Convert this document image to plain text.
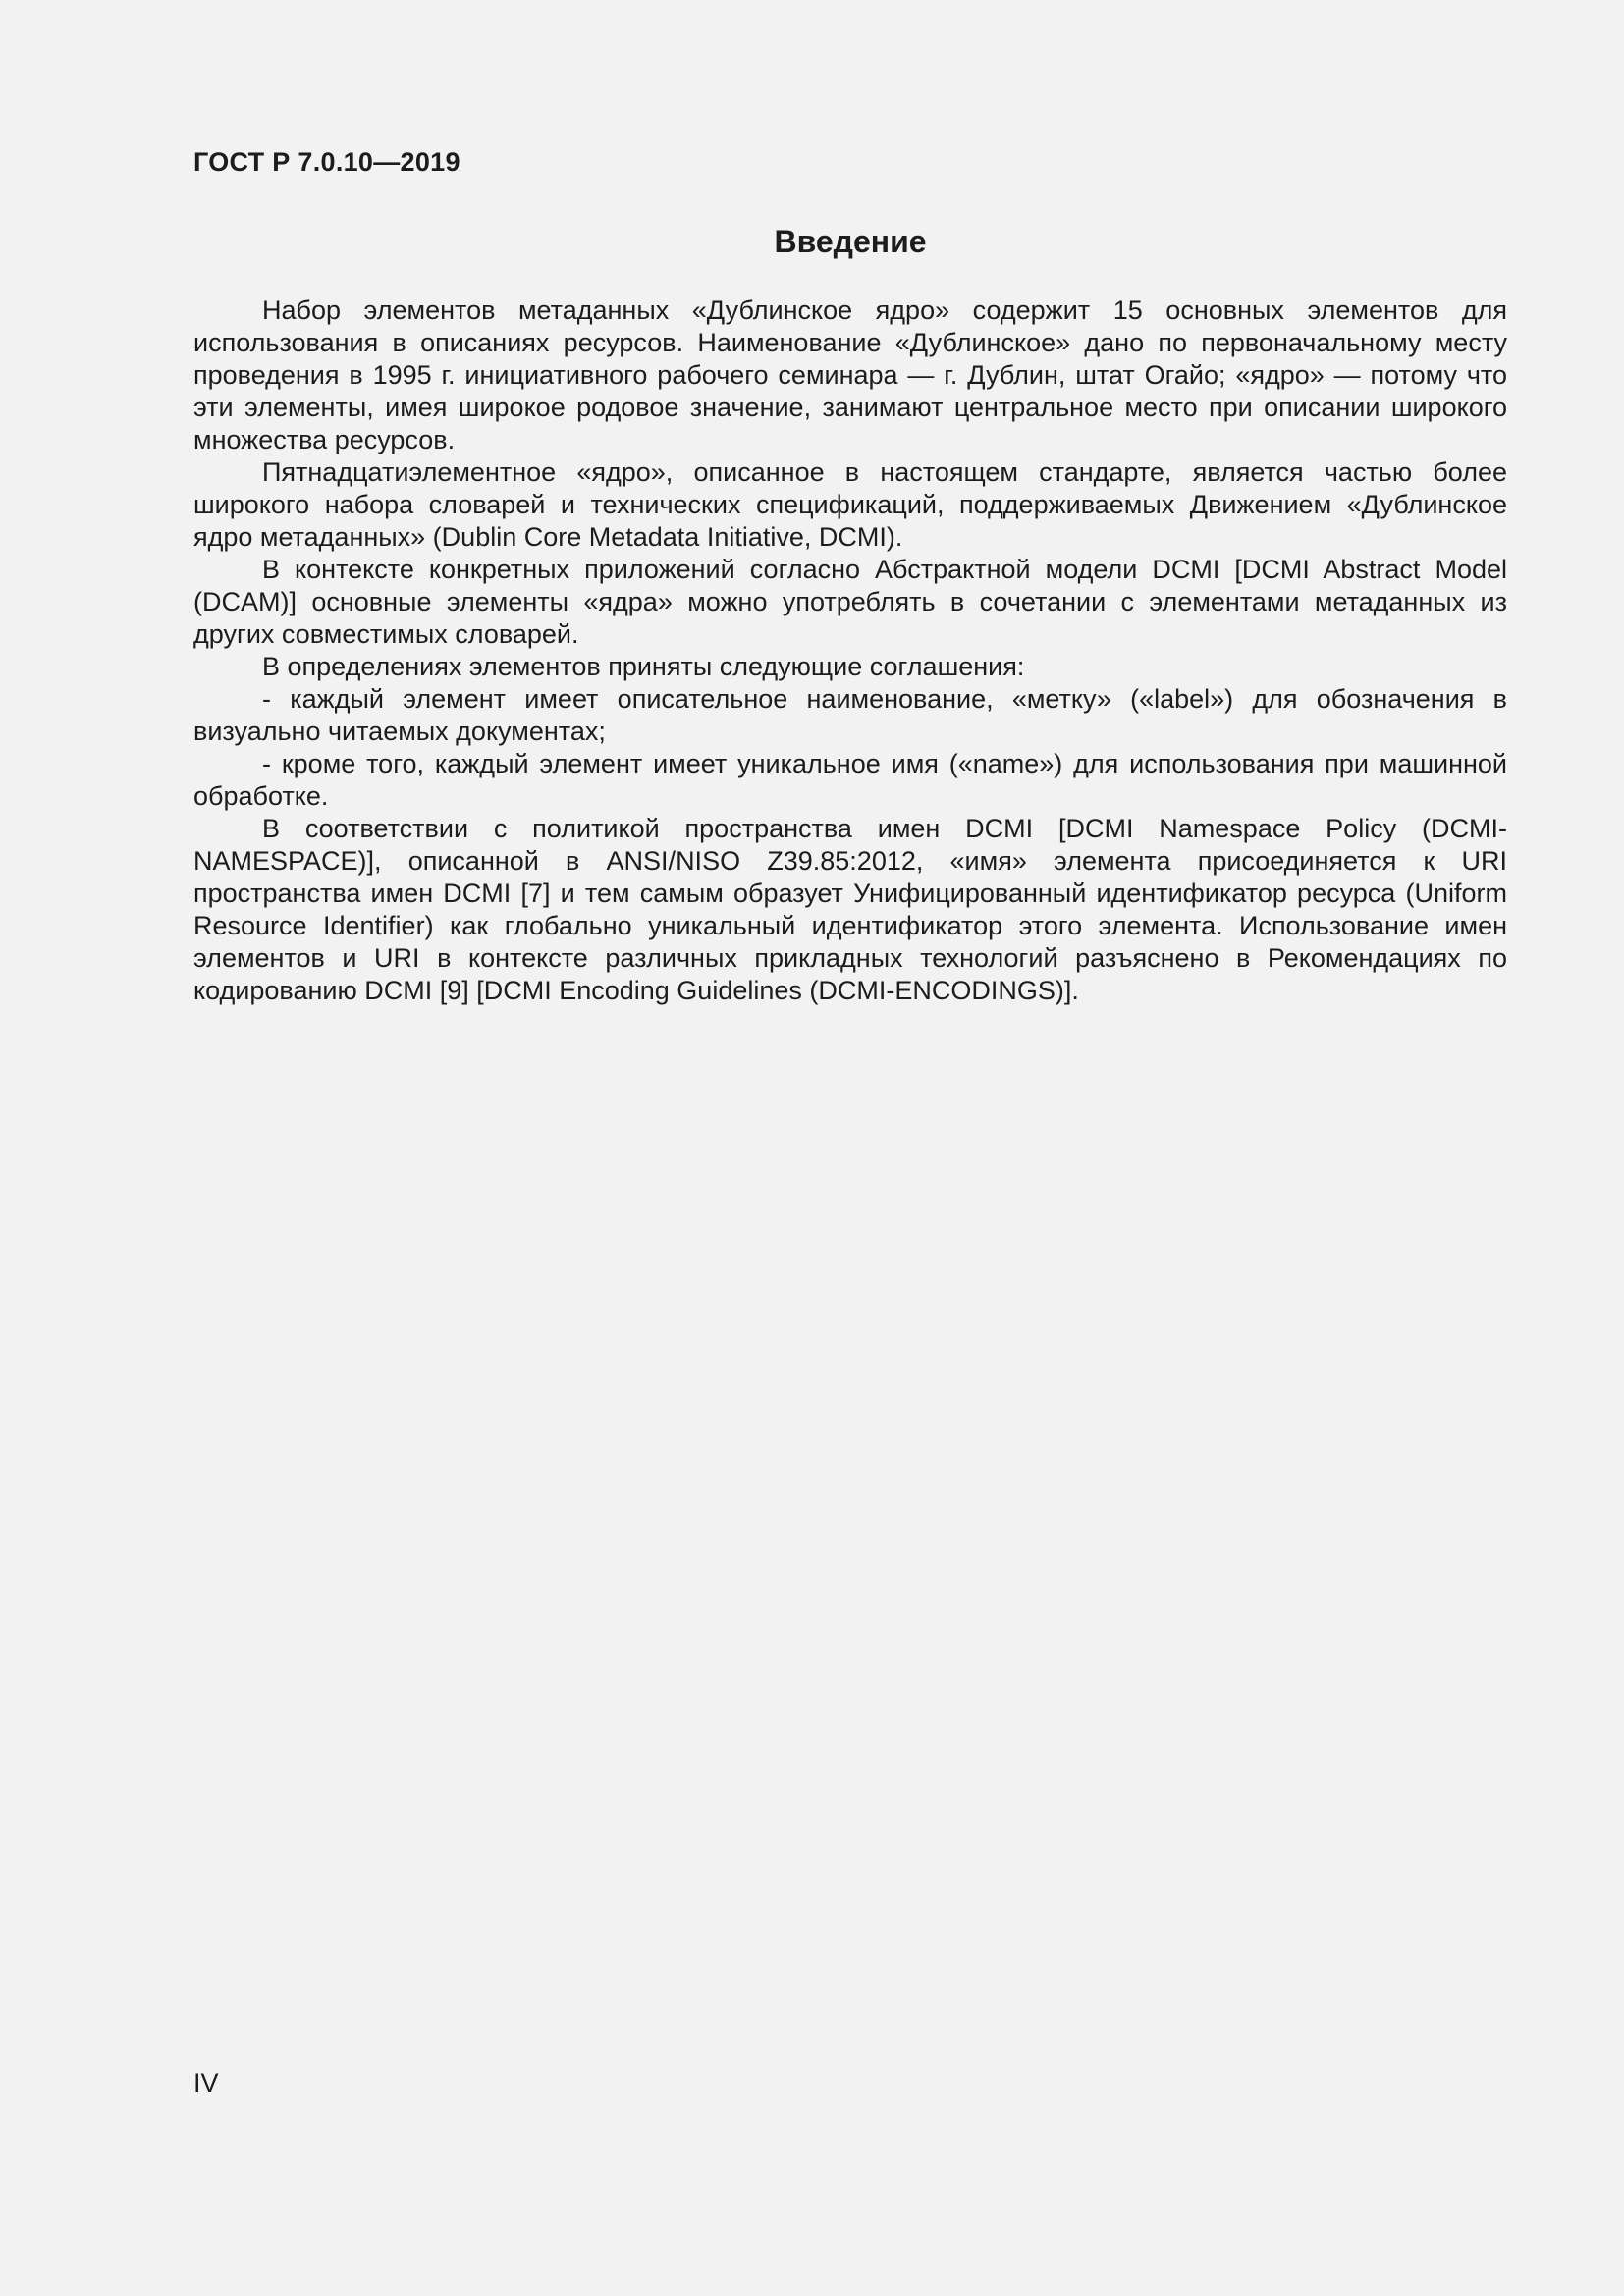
ГОСТ Р 7.0.10—2019
Введение

Набор элементов метаданных «Дублинское ядро» содержит 15 основных элементов для использования в описаниях ресурсов. Наименование «Дублинское» дано по первоначальному месту проведения в 1995 г. инициативного рабочего семинара — г. Дублин, штат Огайо; «ядро» — потому что эти элементы, имея широкое родовое значение, занимают центральное место при описании широкого множества ресурсов.

Пятнадцатиэлементное «ядро», описанное в настоящем стандарте, является частью более широкого набора словарей и технических спецификаций, поддерживаемых Движением «Дублинское ядро метаданных» (Dublin Core Metadata Initiative, DCMI).

В контексте конкретных приложений согласно Абстрактной модели DCMI [DCMI Abstract Model (DCAM)] основные элементы «ядра» можно употреблять в сочетании с элементами метаданных из других совместимых словарей.

В определениях элементов приняты следующие соглашения:

- каждый элемент имеет описательное наименование, «метку» («label») для обозначения в визуально читаемых документах;

- кроме того, каждый элемент имеет уникальное имя («name») для использования при машинной обработке.

В соответствии с политикой пространства имен DCMI [DCMI Namespace Policy (DCMI-NAMESPACE)], описанной в ANSI/NISO Z39.85:2012, «имя» элемента присоединяется к URI пространства имен DCMI [7] и тем самым образует Унифицированный идентификатор ресурса (Uniform Resource Identifier) как глобально уникальный идентификатор этого элемента. Использование имен элементов и URI в контексте различных прикладных технологий разъяснено в Рекомендациях по кодированию DCMI [9] [DCMI Encoding Guidelines (DCMI-ENCODINGS)].

IV
